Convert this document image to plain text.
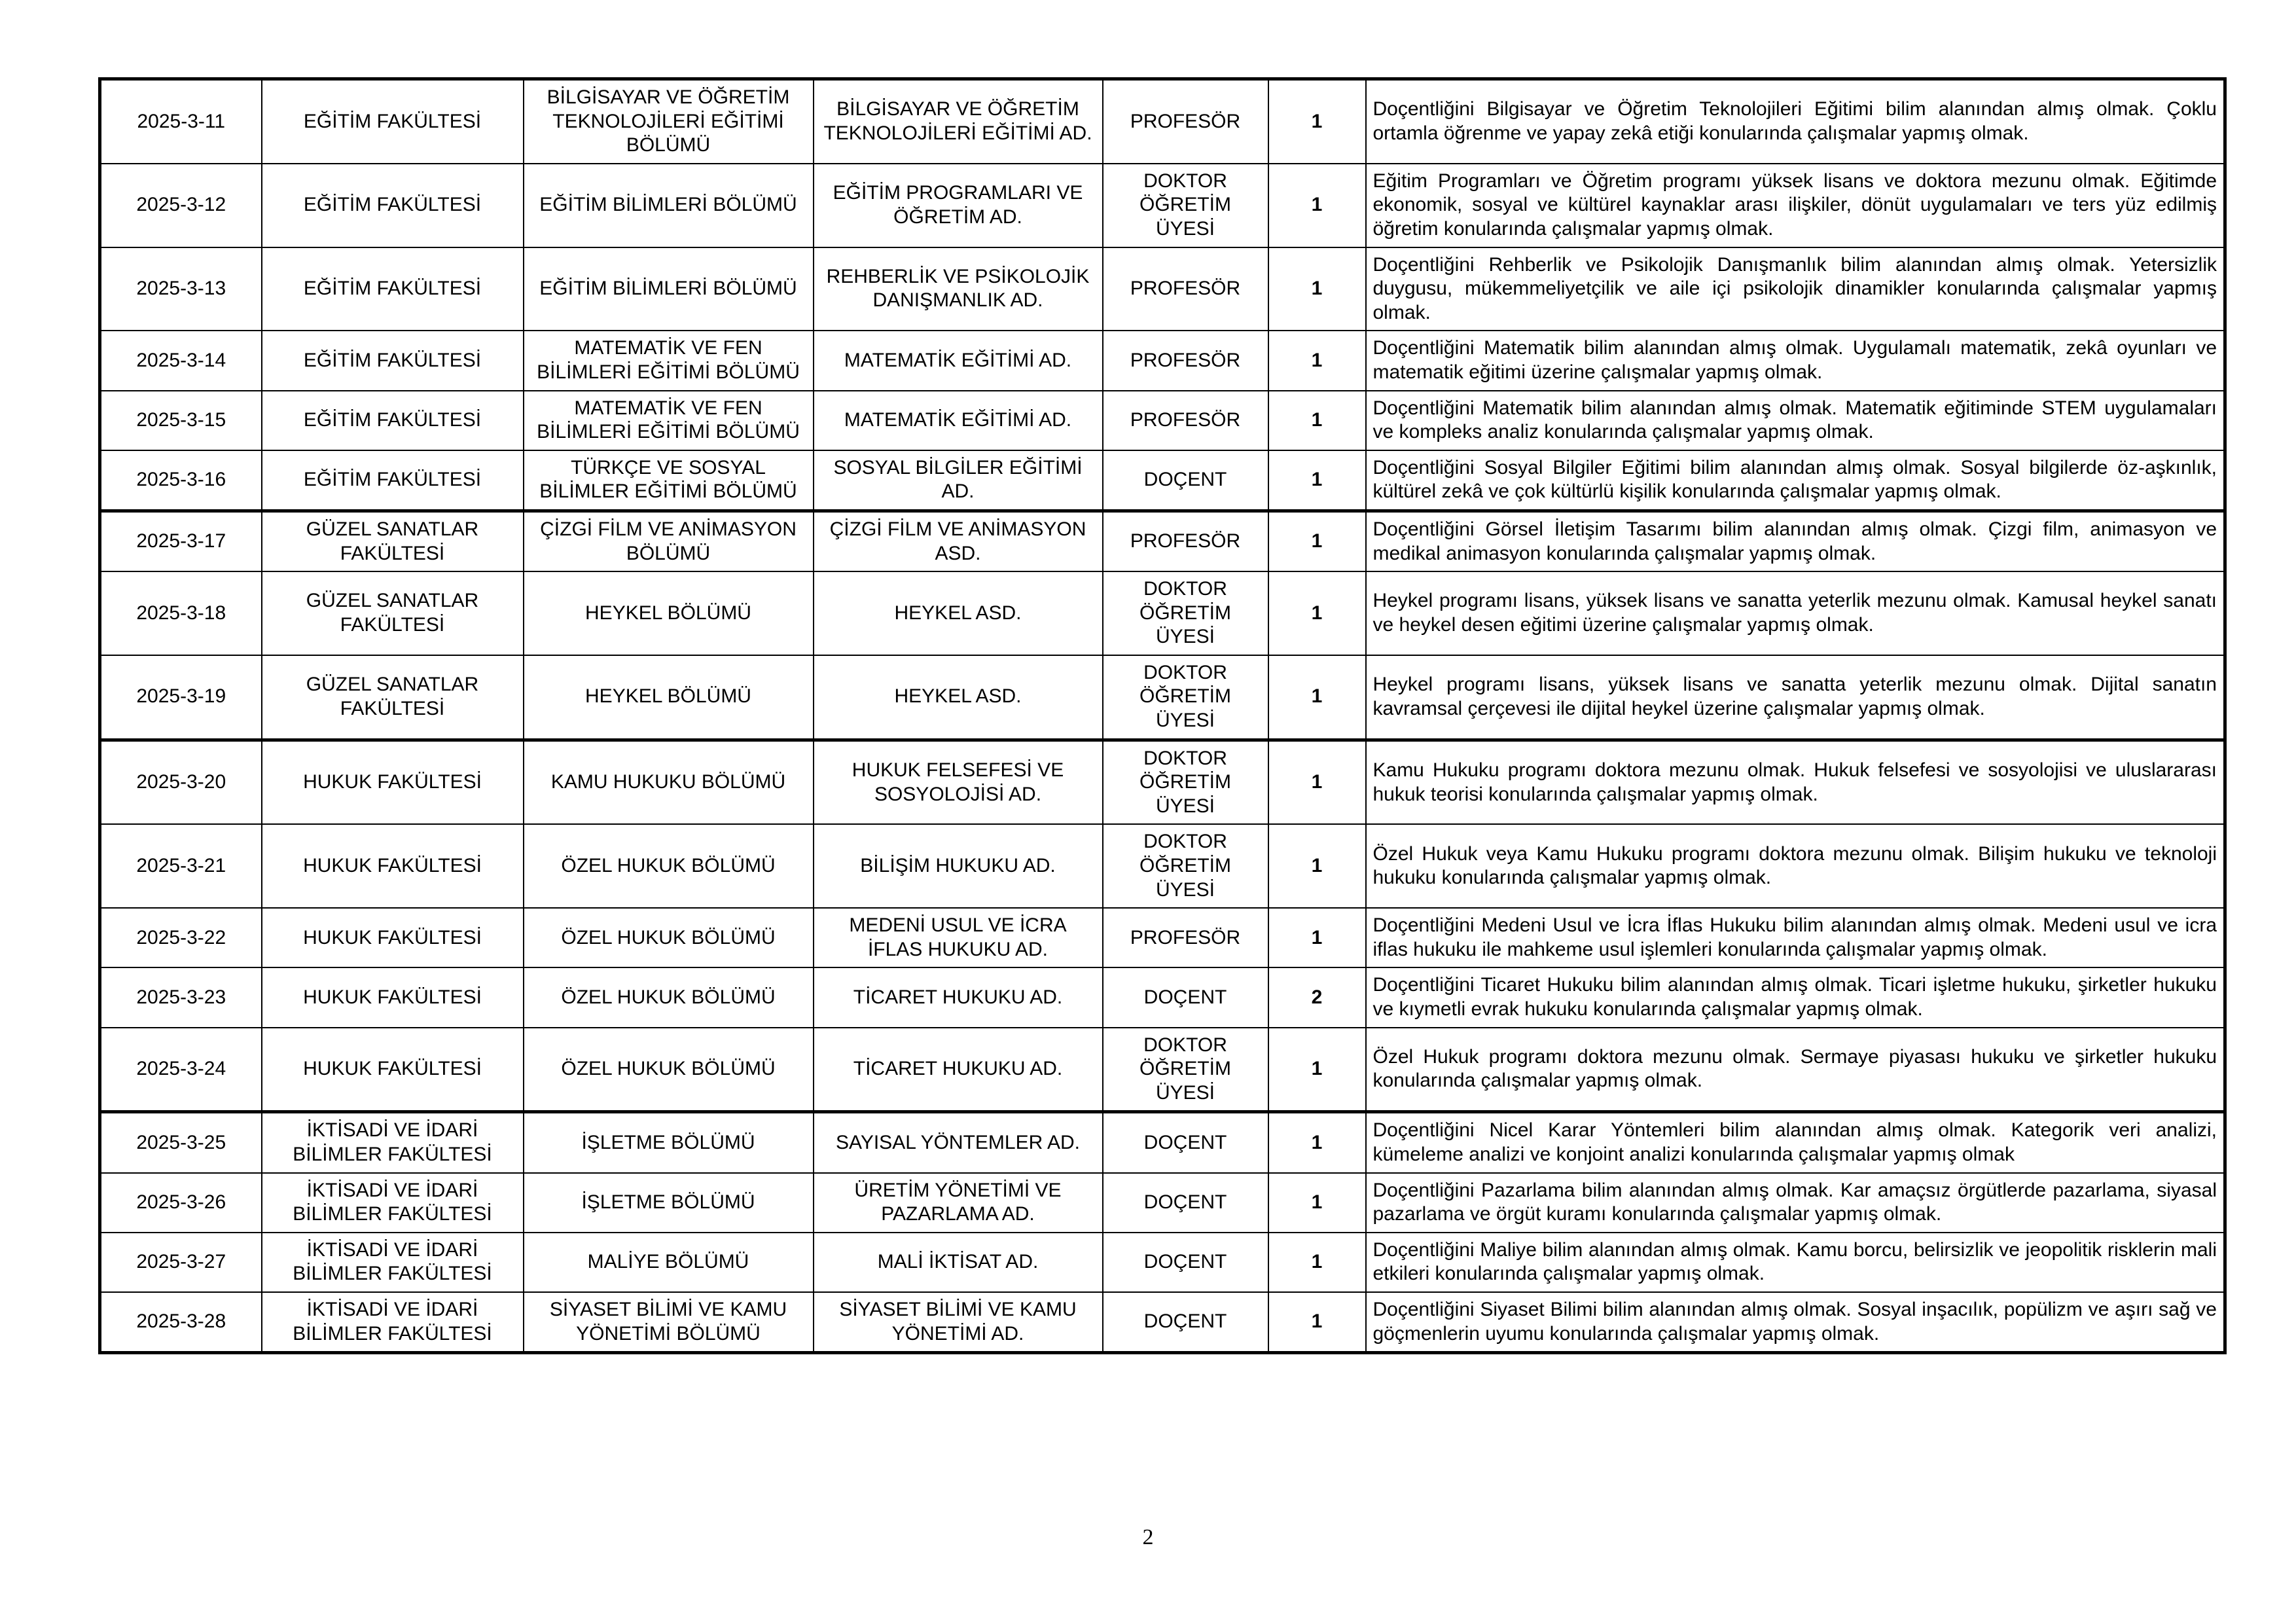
2025-3-11	EĞİTİM FAKÜLTESİ	BİLGİSAYAR VE ÖĞRETİM TEKNOLOJİLERİ EĞİTİMİ BÖLÜMÜ	BİLGİSAYAR VE ÖĞRETİM TEKNOLOJİLERİ EĞİTİMİ AD.	PROFESÖR	1	Doçentliğini Bilgisayar ve Öğretim Teknolojileri Eğitimi bilim alanından almış olmak. Çoklu ortamla öğrenme ve yapay zekâ etiği konularında çalışmalar yapmış olmak.
2025-3-12	EĞİTİM FAKÜLTESİ	EĞİTİM BİLİMLERİ BÖLÜMÜ	EĞİTİM PROGRAMLARI VE ÖĞRETİM AD.	DOKTOR ÖĞRETİM ÜYESİ	1	Eğitim Programları ve Öğretim programı yüksek lisans ve doktora mezunu olmak. Eğitimde ekonomik, sosyal ve kültürel kaynaklar arası ilişkiler, dönüt uygulamaları ve ters yüz edilmiş öğretim konularında çalışmalar yapmış olmak.
2025-3-13	EĞİTİM FAKÜLTESİ	EĞİTİM BİLİMLERİ BÖLÜMÜ	REHBERLİK VE PSİKOLOJİK DANIŞMANLIK AD.	PROFESÖR	1	Doçentliğini Rehberlik ve Psikolojik Danışmanlık bilim alanından almış olmak. Yetersizlik duygusu, mükemmeliyetçilik ve aile içi psikolojik dinamikler konularında çalışmalar yapmış olmak.
2025-3-14	EĞİTİM FAKÜLTESİ	MATEMATİK VE FEN BİLİMLERİ EĞİTİMİ BÖLÜMÜ	MATEMATİK EĞİTİMİ AD.	PROFESÖR	1	Doçentliğini Matematik bilim alanından almış olmak. Uygulamalı matematik, zekâ oyunları ve matematik eğitimi üzerine çalışmalar yapmış olmak.
2025-3-15	EĞİTİM FAKÜLTESİ	MATEMATİK VE FEN BİLİMLERİ EĞİTİMİ BÖLÜMÜ	MATEMATİK EĞİTİMİ AD.	PROFESÖR	1	Doçentliğini Matematik bilim alanından almış olmak. Matematik eğitiminde STEM uygulamaları ve kompleks analiz konularında çalışmalar yapmış olmak.
2025-3-16	EĞİTİM FAKÜLTESİ	TÜRKÇE VE SOSYAL BİLİMLER EĞİTİMİ BÖLÜMÜ	SOSYAL BİLGİLER EĞİTİMİ AD.	DOÇENT	1	Doçentliğini Sosyal Bilgiler Eğitimi bilim alanından almış olmak. Sosyal bilgilerde öz-aşkınlık, kültürel zekâ ve çok kültürlü kişilik konularında çalışmalar yapmış olmak.
2025-3-17	GÜZEL SANATLAR FAKÜLTESİ	ÇİZGİ FİLM VE ANİMASYON BÖLÜMÜ	ÇİZGİ FİLM VE ANİMASYON ASD.	PROFESÖR	1	Doçentliğini Görsel İletişim Tasarımı bilim alanından almış olmak. Çizgi film, animasyon ve medikal animasyon konularında çalışmalar yapmış olmak.
2025-3-18	GÜZEL SANATLAR FAKÜLTESİ	HEYKEL BÖLÜMÜ	HEYKEL ASD.	DOKTOR ÖĞRETİM ÜYESİ	1	Heykel programı lisans, yüksek lisans ve sanatta yeterlik mezunu olmak. Kamusal heykel sanatı ve heykel desen eğitimi üzerine çalışmalar yapmış olmak.
2025-3-19	GÜZEL SANATLAR FAKÜLTESİ	HEYKEL BÖLÜMÜ	HEYKEL ASD.	DOKTOR ÖĞRETİM ÜYESİ	1	Heykel programı lisans, yüksek lisans ve sanatta yeterlik mezunu olmak. Dijital sanatın kavramsal çerçevesi ile dijital heykel üzerine çalışmalar yapmış olmak.
2025-3-20	HUKUK FAKÜLTESİ	KAMU HUKUKU BÖLÜMÜ	HUKUK FELSEFESİ VE SOSYOLOJİSİ AD.	DOKTOR ÖĞRETİM ÜYESİ	1	Kamu Hukuku programı doktora mezunu olmak. Hukuk felsefesi ve sosyolojisi ve uluslararası hukuk teorisi konularında çalışmalar yapmış olmak.
2025-3-21	HUKUK FAKÜLTESİ	ÖZEL HUKUK BÖLÜMÜ	BİLİŞİM HUKUKU AD.	DOKTOR ÖĞRETİM ÜYESİ	1	Özel Hukuk veya Kamu Hukuku programı doktora mezunu olmak. Bilişim hukuku ve teknoloji hukuku konularında çalışmalar yapmış olmak.
2025-3-22	HUKUK FAKÜLTESİ	ÖZEL HUKUK BÖLÜMÜ	MEDENİ USUL VE İCRA İFLAS HUKUKU AD.	PROFESÖR	1	Doçentliğini Medeni Usul ve İcra İflas Hukuku bilim alanından almış olmak. Medeni usul ve icra iflas hukuku ile mahkeme usul işlemleri konularında çalışmalar yapmış olmak.
2025-3-23	HUKUK FAKÜLTESİ	ÖZEL HUKUK BÖLÜMÜ	TİCARET HUKUKU AD.	DOÇENT	2	Doçentliğini Ticaret Hukuku bilim alanından almış olmak. Ticari işletme hukuku, şirketler hukuku ve kıymetli evrak hukuku konularında çalışmalar yapmış olmak.
2025-3-24	HUKUK FAKÜLTESİ	ÖZEL HUKUK BÖLÜMÜ	TİCARET HUKUKU AD.	DOKTOR ÖĞRETİM ÜYESİ	1	Özel Hukuk programı doktora mezunu olmak. Sermaye piyasası hukuku ve şirketler hukuku konularında çalışmalar yapmış olmak.
2025-3-25	İKTİSADİ VE İDARİ BİLİMLER FAKÜLTESİ	İŞLETME BÖLÜMÜ	SAYISAL YÖNTEMLER AD.	DOÇENT	1	Doçentliğini Nicel Karar Yöntemleri bilim alanından almış olmak. Kategorik veri analizi, kümeleme analizi ve konjoint analizi konularında çalışmalar yapmış olmak
2025-3-26	İKTİSADİ VE İDARİ BİLİMLER FAKÜLTESİ	İŞLETME BÖLÜMÜ	ÜRETİM YÖNETİMİ VE PAZARLAMA AD.	DOÇENT	1	Doçentliğini Pazarlama bilim alanından almış olmak. Kar amaçsız örgütlerde pazarlama, siyasal pazarlama ve örgüt kuramı konularında çalışmalar yapmış olmak.
2025-3-27	İKTİSADİ VE İDARİ BİLİMLER FAKÜLTESİ	MALİYE BÖLÜMÜ	MALİ İKTİSAT AD.	DOÇENT	1	Doçentliğini Maliye bilim alanından almış olmak. Kamu borcu, belirsizlik ve jeopolitik risklerin mali etkileri konularında çalışmalar yapmış olmak.
2025-3-28	İKTİSADİ VE İDARİ BİLİMLER FAKÜLTESİ	SİYASET BİLİMİ VE KAMU YÖNETİMİ BÖLÜMÜ	SİYASET BİLİMİ VE KAMU YÖNETİMİ AD.	DOÇENT	1	Doçentliğini Siyaset Bilimi bilim alanından almış olmak. Sosyal inşacılık, popülizm ve aşırı sağ ve göçmenlerin uyumu konularında çalışmalar yapmış olmak.
2
